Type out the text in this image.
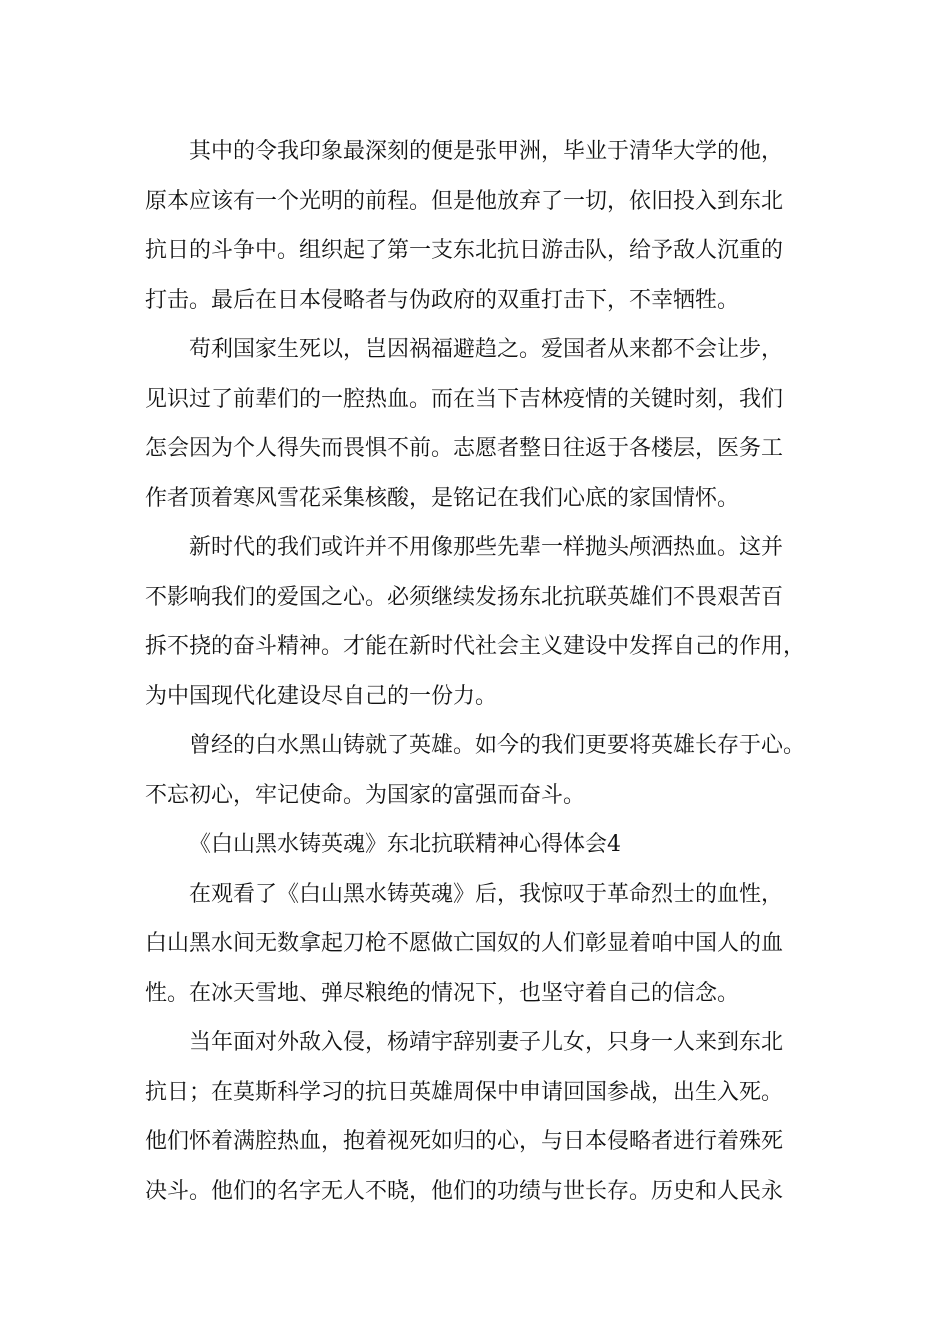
其中的令我印象最深刻的便是张甲洲，毕业于清华大学的他，
原本应该有一个光明的前程。但是他放弃了一切，依旧投入到东北
抗日的斗争中。组织起了第一支东北抗日游击队，给予敌人沉重的
打击。最后在日本侵略者与伪政府的双重打击下，不幸牺牲。
苟利国家生死以，岂因祸福避趋之。爱国者从来都不会让步，
见识过了前辈们的一腔热血。而在当下吉林疫情的关键时刻，我们
怎会因为个人得失而畏惧不前。志愿者整日往返于各楼层，医务工
作者顶着寒风雪花采集核酸，是铭记在我们心底的家国情怀。
新时代的我们或许并不用像那些先辈一样抛头颅洒热血。这并
不影响我们的爱国之心。必须继续发扬东北抗联英雄们不畏艰苦百
拆不挠的奋斗精神。才能在新时代社会主义建设中发挥自己的作用，
为中国现代化建设尽自己的一份力。
曾经的白水黑山铸就了英雄。如今的我们更要将英雄长存于心。
不忘初心，牢记使命。为国家的富强而奋斗。
《白山黑水铸英魂》东北抗联精神心得体会4
在观看了《白山黑水铸英魂》后，我惊叹于革命烈士的血性，
白山黑水间无数拿起刀枪不愿做亡国奴的人们彰显着咱中国人的血
性。在冰天雪地、弹尽粮绝的情况下，也坚守着自己的信念。
当年面对外敌入侵，杨靖宇辞别妻子儿女，只身一人来到东北
抗日；在莫斯科学习的抗日英雄周保中申请回国参战，出生入死。
他们怀着满腔热血，抱着视死如归的心，与日本侵略者进行着殊死
决斗。他们的名字无人不晓，他们的功绩与世长存。历史和人民永
